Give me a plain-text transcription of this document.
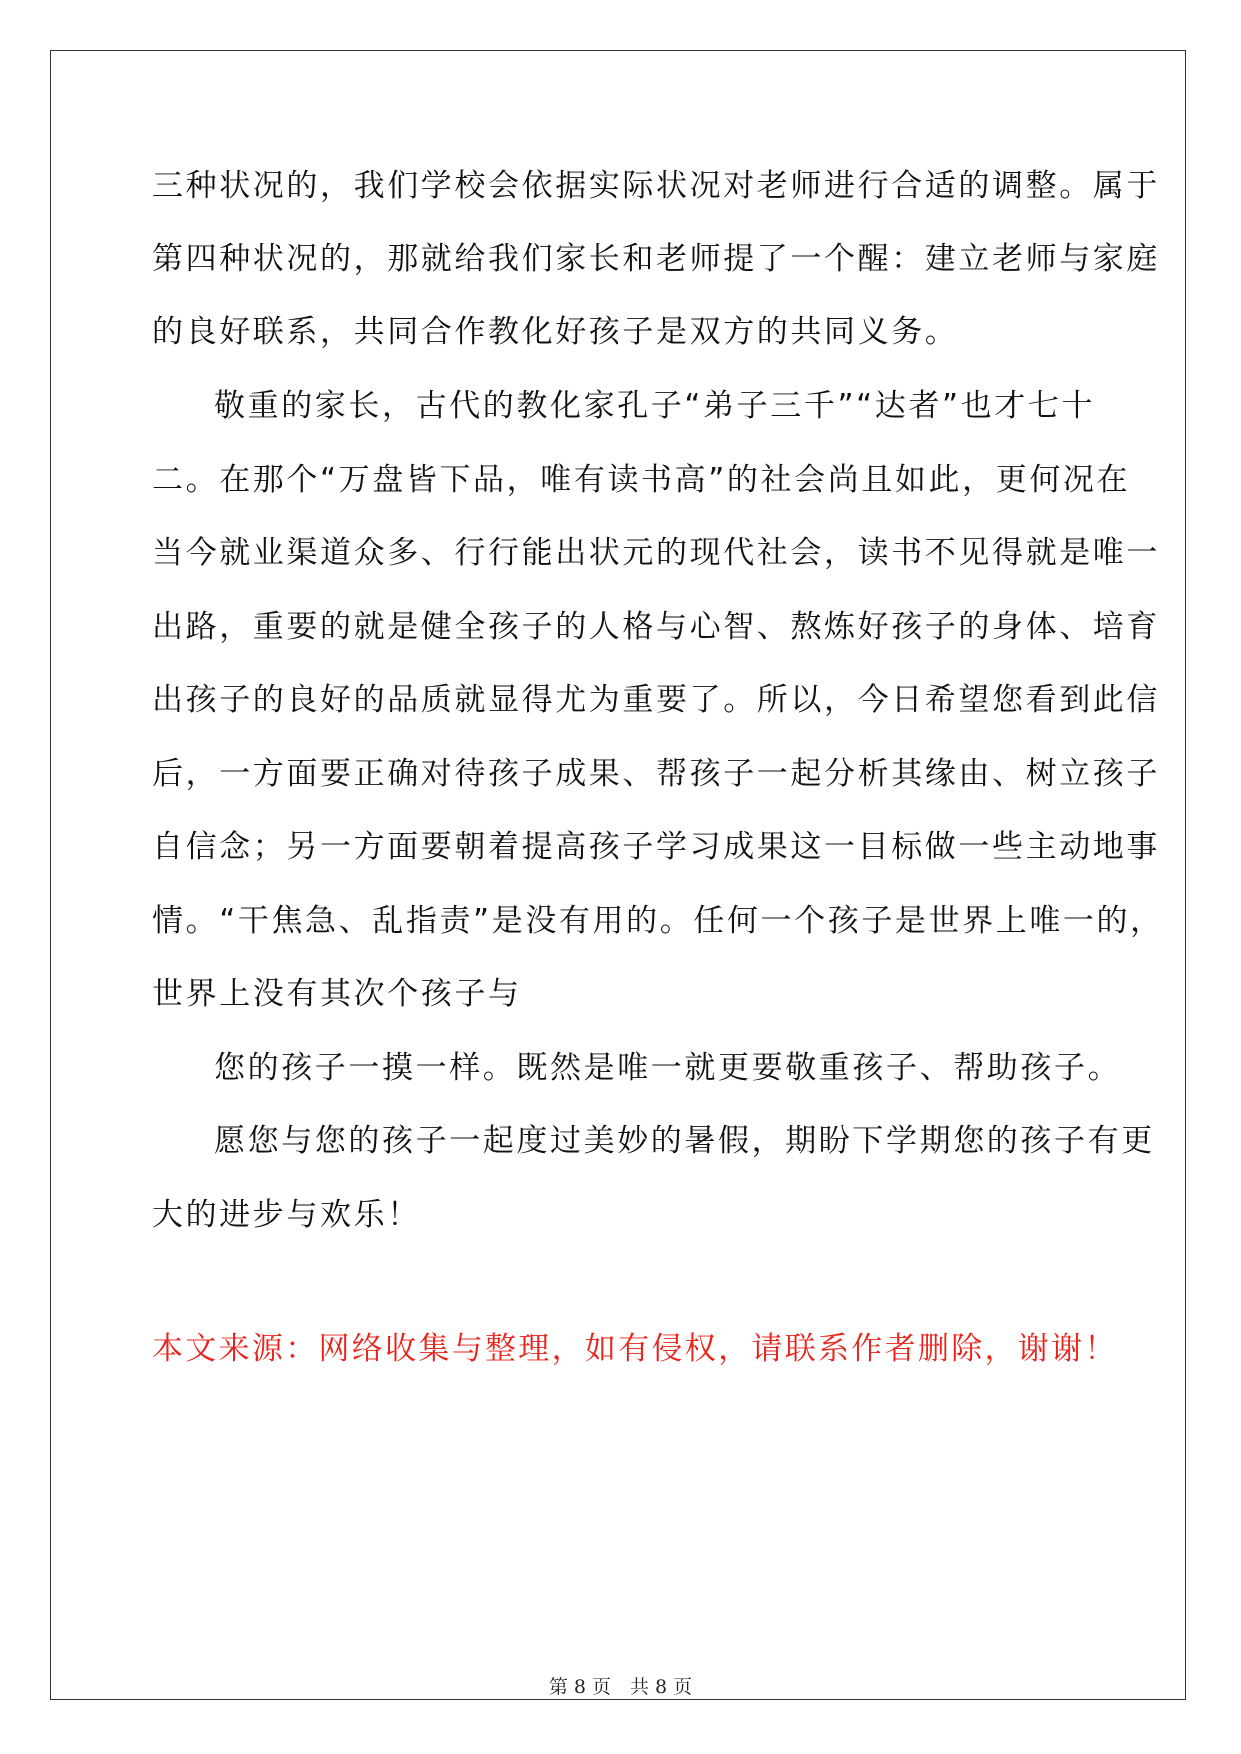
三种状况的，我们学校会依据实际状况对老师进行合适的调整。属于
第四种状况的，那就给我们家长和老师提了一个醒：建立老师与家庭
的良好联系，共同合作教化好孩子是双方的共同义务。
敬重的家长，古代的教化家孔子“弟子三千”“达者”也才七十
二。在那个“万盘皆下品，唯有读书高”的社会尚且如此，更何况在
当今就业渠道众多、行行能出状元的现代社会，读书不见得就是唯一
出路，重要的就是健全孩子的人格与心智、熬炼好孩子的身体、培育
出孩子的良好的品质就显得尤为重要了。所以，今日希望您看到此信
后，一方面要正确对待孩子成果、帮孩子一起分析其缘由、树立孩子
自信念；另一方面要朝着提高孩子学习成果这一目标做一些主动地事
情。“干焦急、乱指责”是没有用的。任何一个孩子是世界上唯一的，
世界上没有其次个孩子与
您的孩子一摸一样。既然是唯一就更要敬重孩子、帮助孩子。
愿您与您的孩子一起度过美妙的暑假，期盼下学期您的孩子有更
大的进步与欢乐！
本文来源：网络收集与整理，如有侵权，请联系作者删除，谢谢！
第 8 页　共 8 页
